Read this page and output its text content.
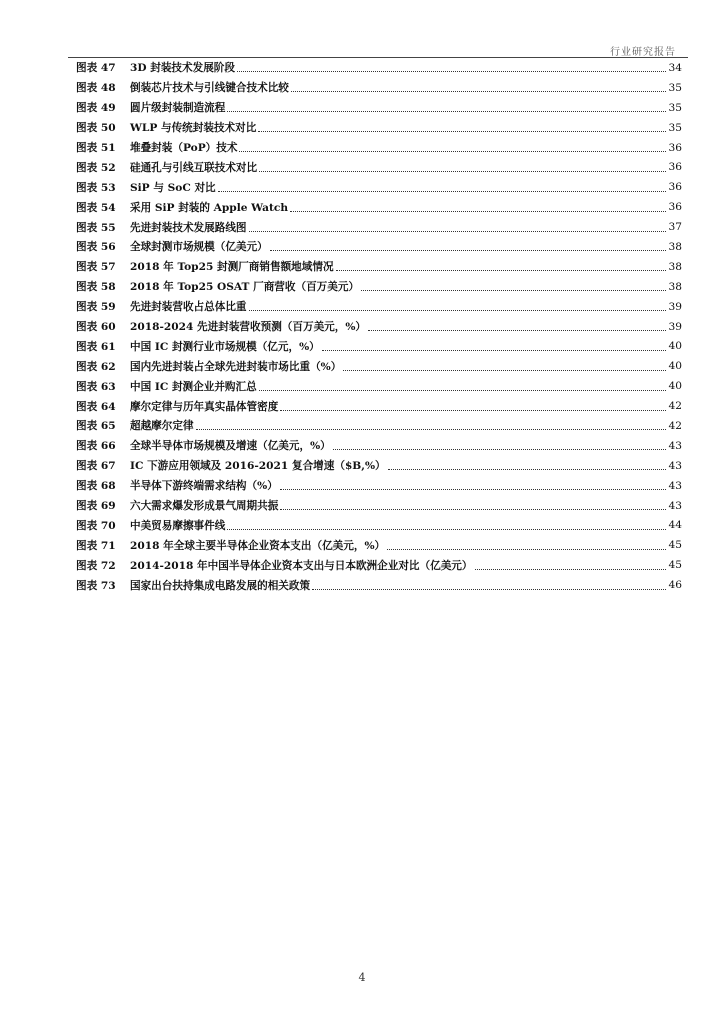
行业研究报告
图表 47	3D 封装技术发展阶段	34
图表 48	倒装芯片技术与引线键合技术比较	35
图表 49	圆片级封装制造流程	35
图表 50	WLP 与传统封装技术对比	35
图表 51	堆叠封装（PoP）技术	36
图表 52	硅通孔与引线互联技术对比	36
图表 53	SiP 与 SoC 对比	36
图表 54	采用 SiP 封装的 Apple Watch	36
图表 55	先进封装技术发展路线图	37
图表 56	全球封测市场规模（亿美元）	38
图表 57	2018 年 Top25 封测厂商销售额地域情况	38
图表 58	2018 年 Top25 OSAT 厂商营收（百万美元）	38
图表 59	先进封装营收占总体比重	39
图表 60	2018-2024 先进封装营收预测（百万美元，%）	39
图表 61	中国 IC 封测行业市场规模（亿元，%）	40
图表 62	国内先进封装占全球先进封装市场比重（%）	40
图表 63	中国 IC 封测企业并购汇总	40
图表 64	摩尔定律与历年真实晶体管密度	42
图表 65	超越摩尔定律	42
图表 66	全球半导体市场规模及增速（亿美元，%）	43
图表 67	IC 下游应用领域及 2016-2021 复合增速（$B,%）	43
图表 68	半导体下游终端需求结构（%）	43
图表 69	六大需求爆发形成景气周期共振	43
图表 70	中美贸易摩擦事件线	44
图表 71	2018 年全球主要半导体企业资本支出（亿美元，%）	45
图表 72	2014-2018 年中国半导体企业资本支出与日本欧洲企业对比（亿美元）	45
图表 73	国家出台扶持集成电路发展的相关政策	46
4
